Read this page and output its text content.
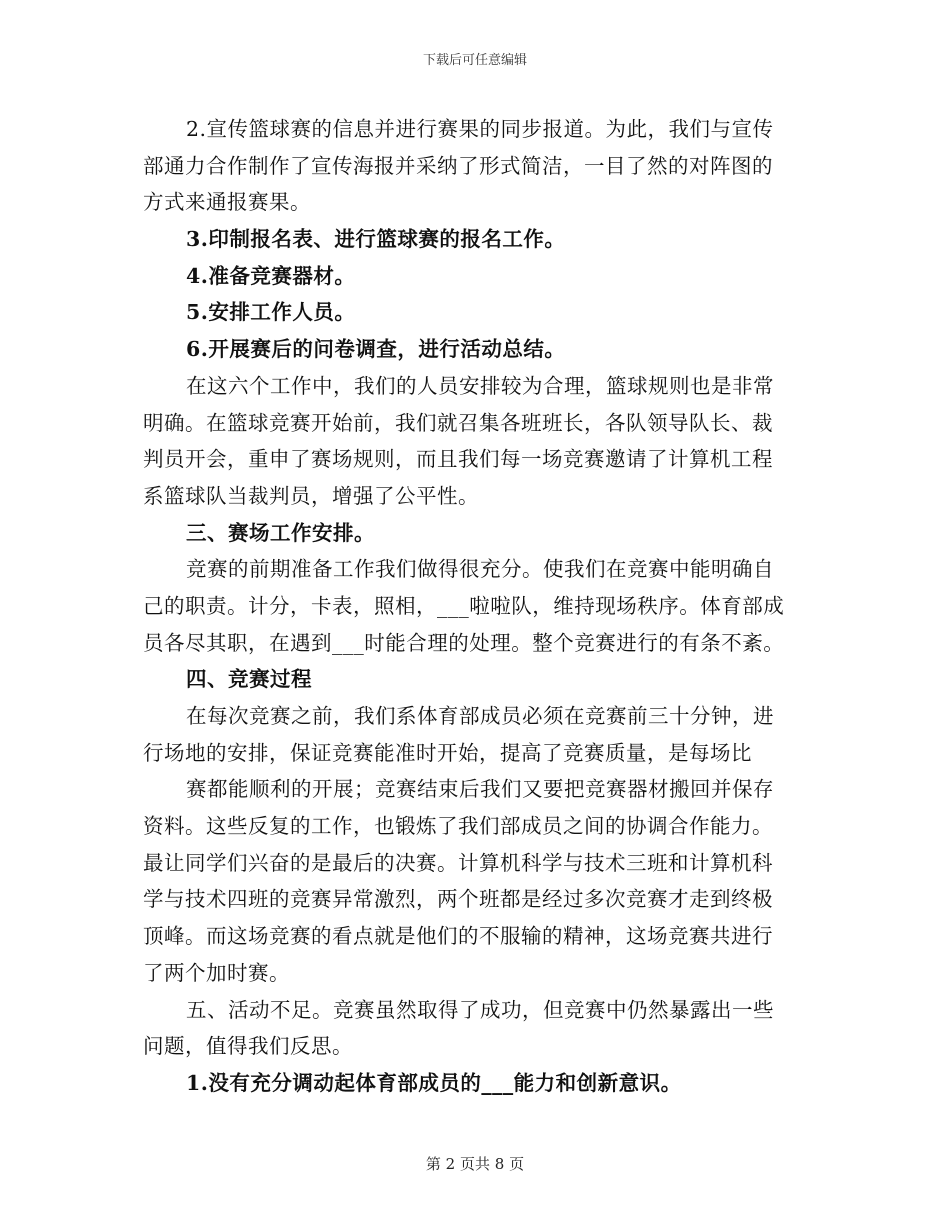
下载后可任意编辑
2.宣传篮球赛的信息并进行赛果的同步报道。为此，我们与宣传
部通力合作制作了宣传海报并采纳了形式简洁，一目了然的对阵图的
方式来通报赛果。
3.印制报名表、进行篮球赛的报名工作。
4.准备竞赛器材。
5.安排工作人员。
6.开展赛后的问卷调查，进行活动总结。
在这六个工作中，我们的人员安排较为合理，篮球规则也是非常
明确。在篮球竞赛开始前，我们就召集各班班长，各队领导队长、裁
判员开会，重申了赛场规则，而且我们每一场竞赛邀请了计算机工程
系篮球队当裁判员，增强了公平性。
三、赛场工作安排。
竞赛的前期准备工作我们做得很充分。使我们在竞赛中能明确自
己的职责。计分，卡表，照相，___啦啦队，维持现场秩序。体育部成
员各尽其职，在遇到___时能合理的处理。整个竞赛进行的有条不紊。
四、竞赛过程
在每次竞赛之前，我们系体育部成员必须在竞赛前三十分钟，进
行场地的安排，保证竞赛能准时开始，提高了竞赛质量，是每场比
赛都能顺利的开展；竞赛结束后我们又要把竞赛器材搬回并保存
资料。这些反复的工作，也锻炼了我们部成员之间的协调合作能力。
最让同学们兴奋的是最后的决赛。计算机科学与技术三班和计算机科
学与技术四班的竞赛异常激烈，两个班都是经过多次竞赛才走到终极
顶峰。而这场竞赛的看点就是他们的不服输的精神，这场竞赛共进行
了两个加时赛。
五、活动不足。竞赛虽然取得了成功，但竞赛中仍然暴露出一些
问题，值得我们反思。
1.没有充分调动起体育部成员的___能力和创新意识。
第 2 页共 8 页
